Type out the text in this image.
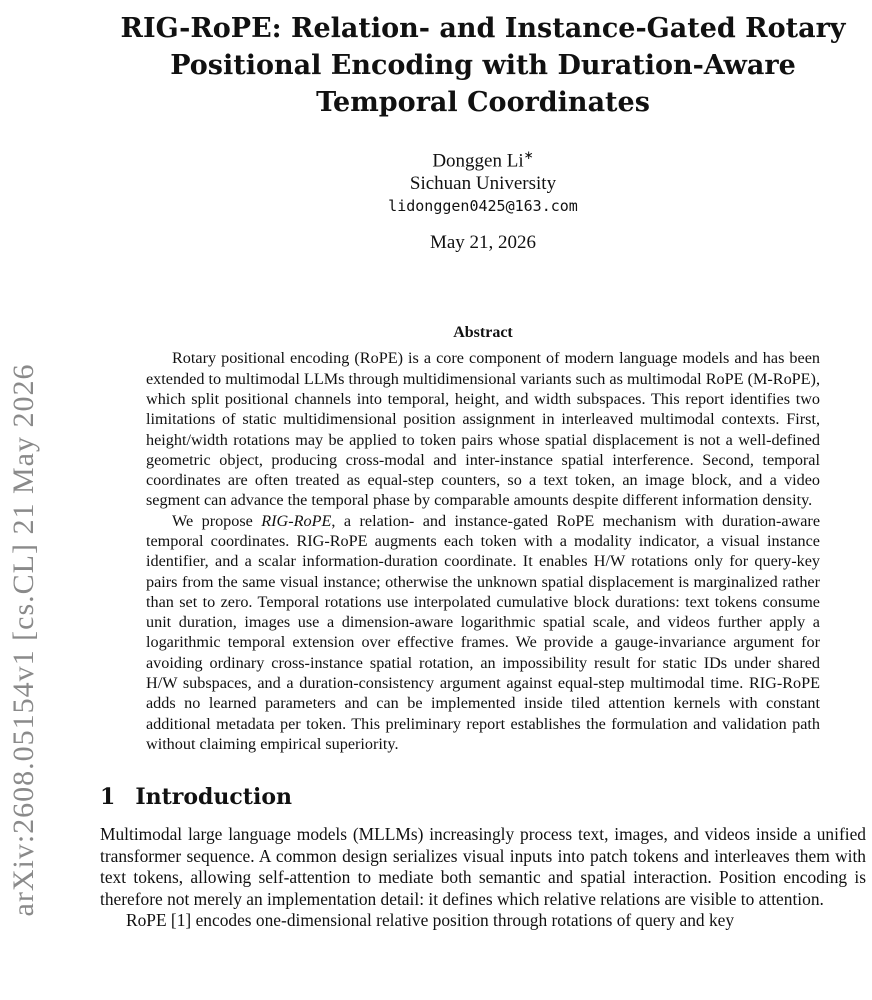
arXiv:2608.05154v1 [cs.CL] 21 May 2026
RIG-RoPE: Relation- and Instance-Gated Rotary Positional Encoding with Duration-Aware Temporal Coordinates
Donggen Li∗
Sichuan University
lidonggen0425@163.com
May 21, 2026
Abstract

Rotary positional encoding (RoPE) is a core component of modern language models and has been extended to multimodal LLMs through multidimensional variants such as multimodal RoPE (M-RoPE), which split positional channels into temporal, height, and width subspaces. This report identifies two limitations of static multidimensional position assignment in interleaved multimodal contexts. First, height/width rotations may be applied to token pairs whose spatial displacement is not a well-defined geometric object, producing cross-modal and inter-instance spatial interference. Second, temporal coordinates are often treated as equal-step counters, so a text token, an image block, and a video segment can advance the temporal phase by comparable amounts despite different information density.

We propose RIG-RoPE, a relation- and instance-gated RoPE mechanism with duration-aware temporal coordinates. RIG-RoPE augments each token with a modality indicator, a visual instance identifier, and a scalar information-duration coordinate. It enables H/W rotations only for query-key pairs from the same visual instance; otherwise the unknown spatial displacement is marginalized rather than set to zero. Temporal rotations use interpolated cumulative block durations: text tokens consume unit duration, images use a dimension-aware logarithmic spatial scale, and videos further apply a logarithmic temporal extension over effective frames. We provide a gauge-invariance argument for avoiding ordinary cross-instance spatial rotation, an impossibility result for static IDs under shared H/W subspaces, and a duration-consistency argument against equal-step multimodal time. RIG-RoPE adds no learned parameters and can be implemented inside tiled attention kernels with constant additional metadata per token. This preliminary report establishes the formulation and validation path without claiming empirical superiority.

1 Introduction

Multimodal large language models (MLLMs) increasingly process text, images, and videos inside a unified transformer sequence. A common design serializes visual inputs into patch tokens and interleaves them with text tokens, allowing self-attention to mediate both semantic and spatial interaction. Position encoding is therefore not merely an implementation detail: it defines which relative relations are visible to attention.

RoPE [1] encodes one-dimensional relative position through rotations of query and key
